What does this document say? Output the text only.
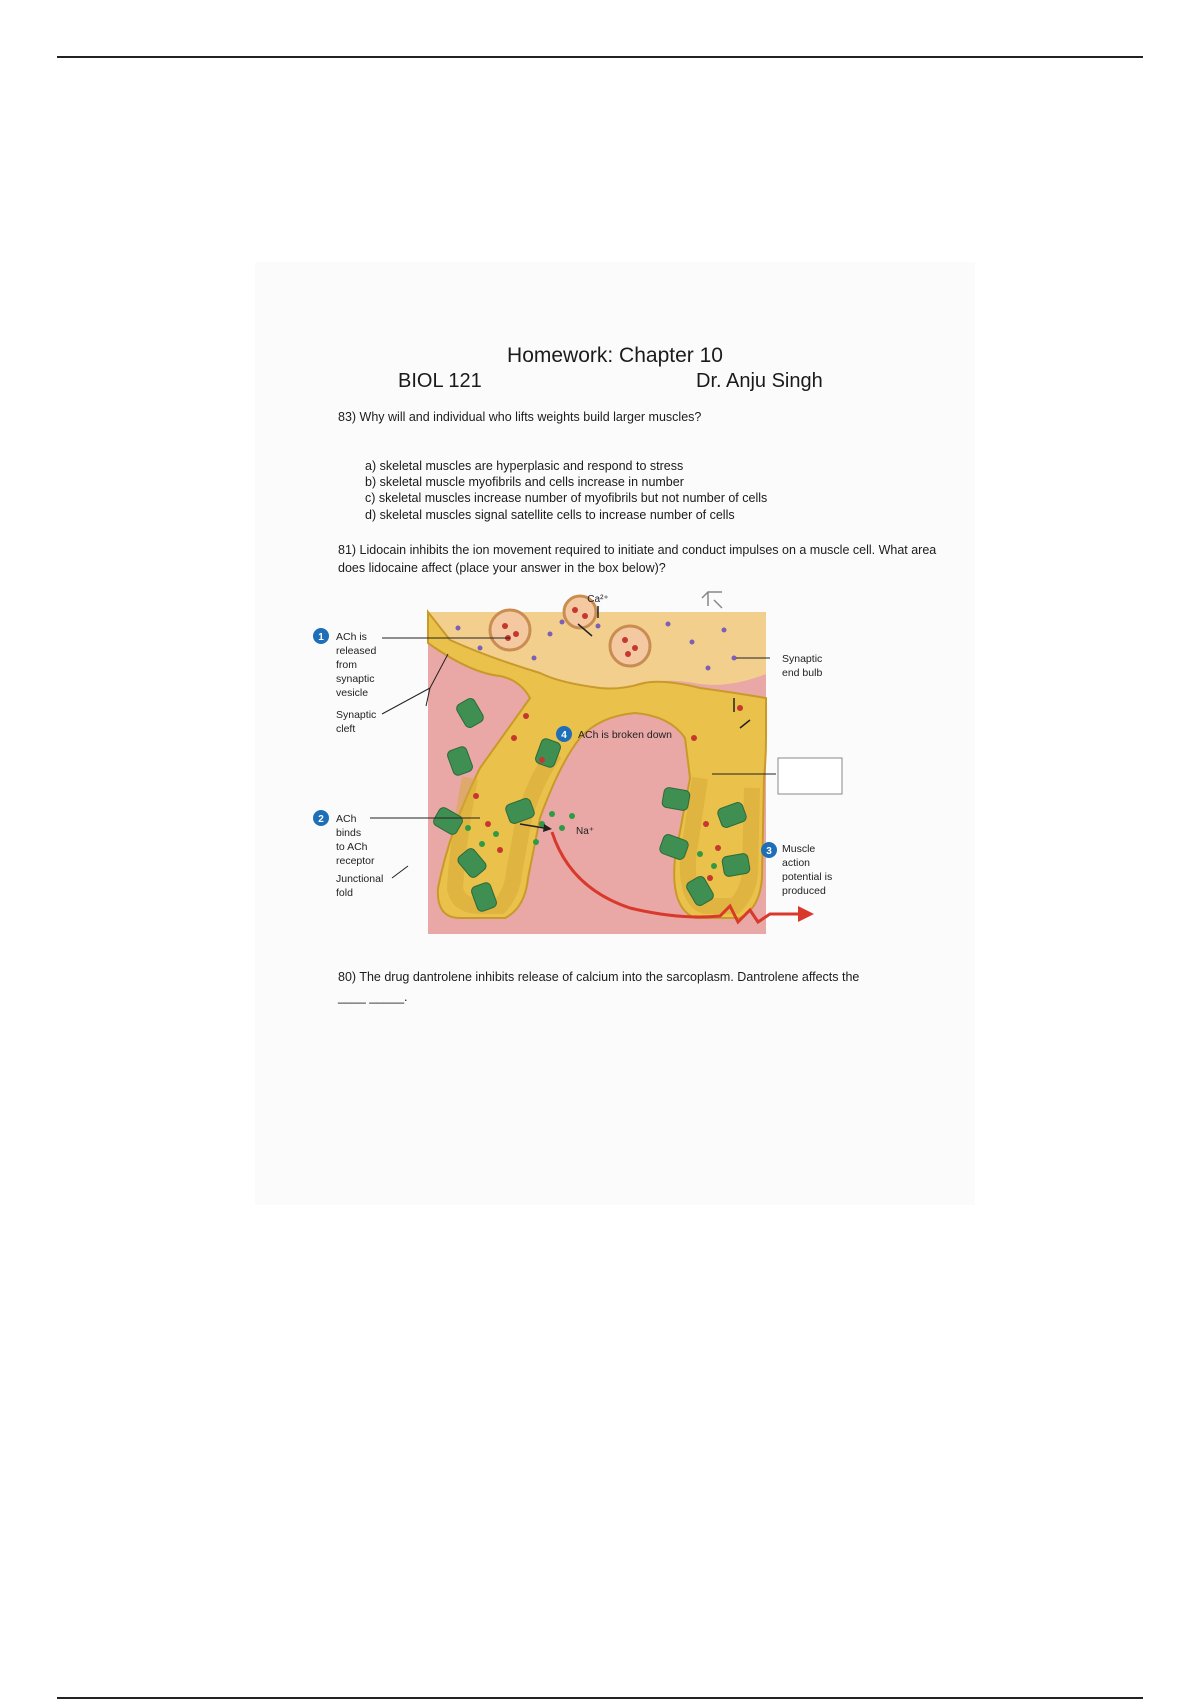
Homework: Chapter 10
BIOL 121	Dr. Anju Singh
83) Why will and individual who lifts weights build larger muscles?
a) skeletal muscles are hyperplasic and respond to stress
b) skeletal muscle myofibrils and cells increase in number
c) skeletal muscles increase number of myofibrils but not number of cells
d) skeletal muscles signal satellite cells to increase number of cells
81) Lidocain inhibits the ion movement required to initiate and conduct impulses on a muscle cell. What area does lidocaine affect (place your answer in the box below)?
80) The drug dantrolene inhibits release of calcium into the sarcoplasm. Dantrolene affects the
____ _____.
Ca²⁺
Na⁺
1 ACh is
released
from
synaptic
vesicle
Synaptic
cleft
4 ACh is broken down
2 ACh
binds
to ACh
receptor
Junctional
fold
Synaptic
end bulb
3 Muscle
action
potential is
produced
